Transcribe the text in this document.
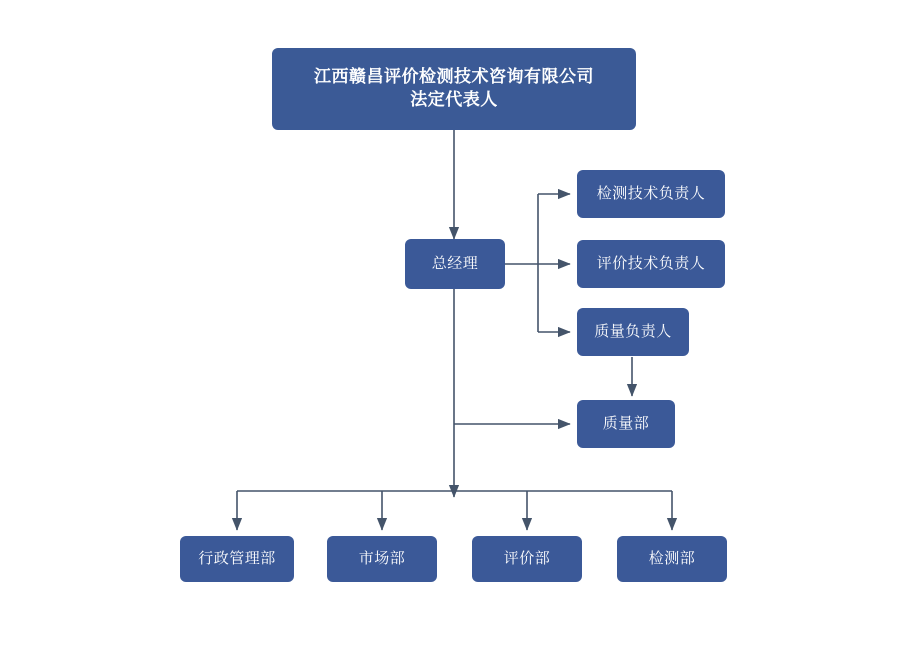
江西赣昌评价检测技术咨询有限公司
法定代表人
总经理
检测技术负责人
评价技术负责人
质量负责人
质量部
行政管理部	市场部	评价部	检测部
